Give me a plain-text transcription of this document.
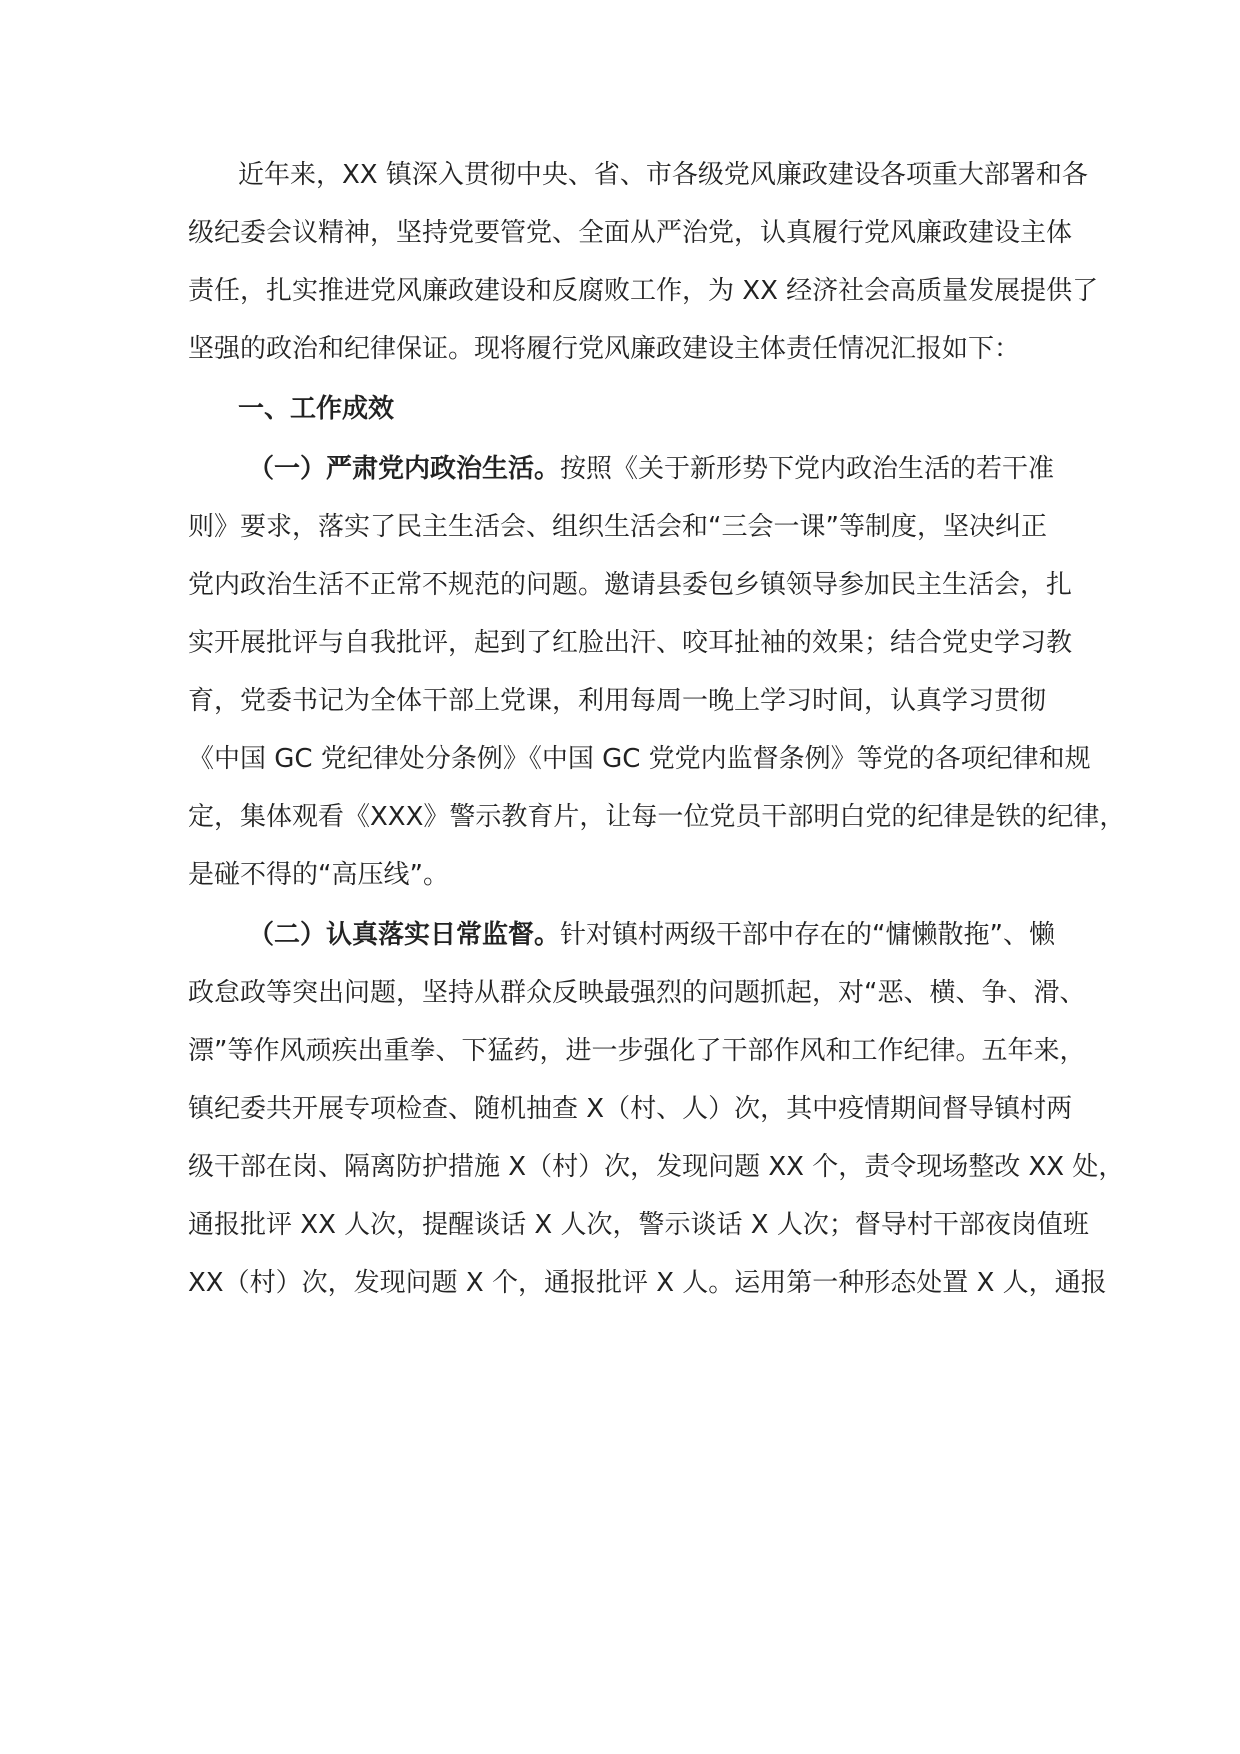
近年来，XX 镇深入贯彻中央、省、市各级党风廉政建设各项重大部署和各
级纪委会议精神，坚持党要管党、全面从严治党，认真履行党风廉政建设主体
责任，扎实推进党风廉政建设和反腐败工作，为 XX 经济社会高质量发展提供了
坚强的政治和纪律保证。现将履行党风廉政建设主体责任情况汇报如下：
一、工作成效
（一）严肃党内政治生活。按照《关于新形势下党内政治生活的若干准
则》要求，落实了民主生活会、组织生活会和“三会一课”等制度，坚决纠正
党内政治生活不正常不规范的问题。邀请县委包乡镇领导参加民主生活会，扎
实开展批评与自我批评，起到了红脸出汗、咬耳扯袖的效果；结合党史学习教
育，党委书记为全体干部上党课，利用每周一晚上学习时间，认真学习贯彻
《中国 GC 党纪律处分条例》《中国 GC 党党内监督条例》等党的各项纪律和规
定，集体观看《XXX》警示教育片，让每一位党员干部明白党的纪律是铁的纪律，
是碰不得的“高压线”。
（二）认真落实日常监督。针对镇村两级干部中存在的“慵懒散拖”、懒
政怠政等突出问题，坚持从群众反映最强烈的问题抓起，对“恶、横、争、滑、
漂”等作风顽疾出重拳、下猛药，进一步强化了干部作风和工作纪律。五年来，
镇纪委共开展专项检查、随机抽查 X（村、人）次，其中疫情期间督导镇村两
级干部在岗、隔离防护措施 X（村）次，发现问题 XX 个，责令现场整改 XX 处，
通报批评 XX 人次，提醒谈话 X 人次，警示谈话 X 人次；督导村干部夜岗值班
XX（村）次，发现问题 X 个，通报批评 X 人。运用第一种形态处置 X 人，通报
